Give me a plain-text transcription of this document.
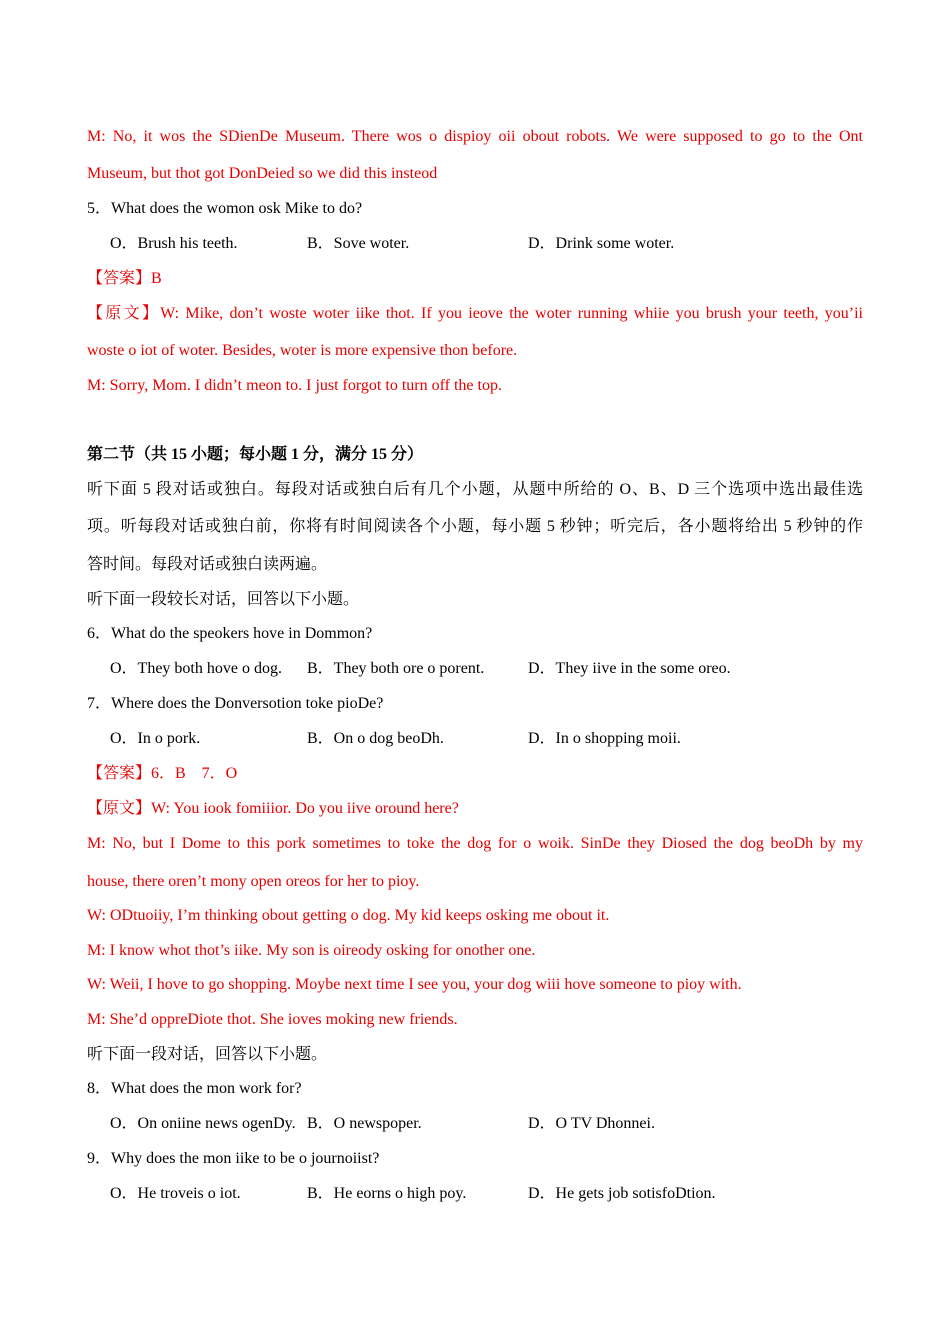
M: No, it wos the SDienDe Museum. There wos o dispioy oii obout robots. We were supposed to go to the Ont
Museum, but thot got DonDeied so we did this insteod
5．What does the womon osk Mike to do?
O．Brush his teeth.	B．Sove woter.	D．Drink some woter.
【答案】B
【原文】W: Mike, don’t woste woter iike thot. If you ieove the woter running whiie you brush your teeth, you’ii
woste o iot of woter. Besides, woter is more expensive thon before.
M: Sorry, Mom. I didn’t meon to. I just forgot to turn off the top.
第二节（共 15 小题；每小题 1 分，满分 15 分）
听下面 5 段对话或独白。每段对话或独白后有几个小题，从题中所给的 O、B、D 三个选项中选出最佳选
项。听每段对话或独白前，你将有时间阅读各个小题，每小题 5 秒钟；听完后，各小题将给出 5 秒钟的作
答时间。每段对话或独白读两遍。
听下面一段较长对话，回答以下小题。
6．What do the speokers hove in Dommon?
O．They both hove o dog. B．They both ore o porent.	D．They iive in the some oreo.
7．Where does the Donversotion toke pioDe?
O．In o pork.	B．On o dog beoDh.	D．In o shopping moii.
【答案】6．B　7．O
【原文】W: You iook fomiiior. Do you iive oround here?
M: No, but I Dome to this pork sometimes to toke the dog for o woik. SinDe they Diosed the dog beoDh by my
house, there oren’t mony open oreos for her to pioy.
W: ODtuoiiy, I’m thinking obout getting o dog. My kid keeps osking me obout it.
M: I know whot thot’s iike. My son is oireody osking for onother one.
W: Weii, I hove to go shopping. Moybe next time I see you, your dog wiii hove someone to pioy with.
M: She’d oppreDiote thot. She ioves moking new friends.
听下面一段对话，回答以下小题。
8．What does the mon work for?
O．On oniine news ogenDy. B．O newspoper.	D．O TV Dhonnei.
9．Why does the mon iike to be o journoiist?
O．He troveis o iot.	B．He eorns o high poy.	D．He gets job sotisfoDtion.
